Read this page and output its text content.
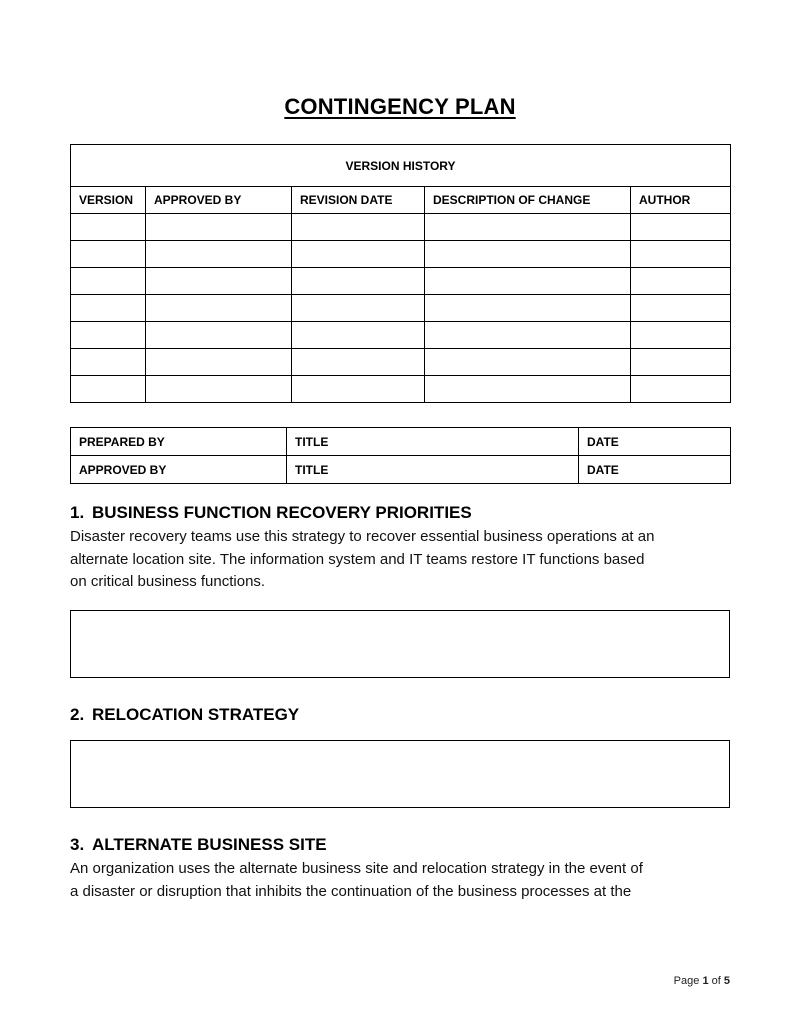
CONTINGENCY PLAN
VERSION HISTORY				
VERSION	APPROVED BY	REVISION DATE	DESCRIPTION OF CHANGE	AUTHOR

PREPARED BY	TITLE	DATE
APPROVED BY	TITLE	DATE
1. BUSINESS FUNCTION RECOVERY PRIORITIES
Disaster recovery teams use this strategy to recover essential business operations at an
alternate location site. The information system and IT teams restore IT functions based
on critical business functions.
2. RELOCATION STRATEGY
3. ALTERNATE BUSINESS SITE
An organization uses the alternate business site and relocation strategy in the event of
a disaster or disruption that inhibits the continuation of the business processes at the
Page 1 of 5
